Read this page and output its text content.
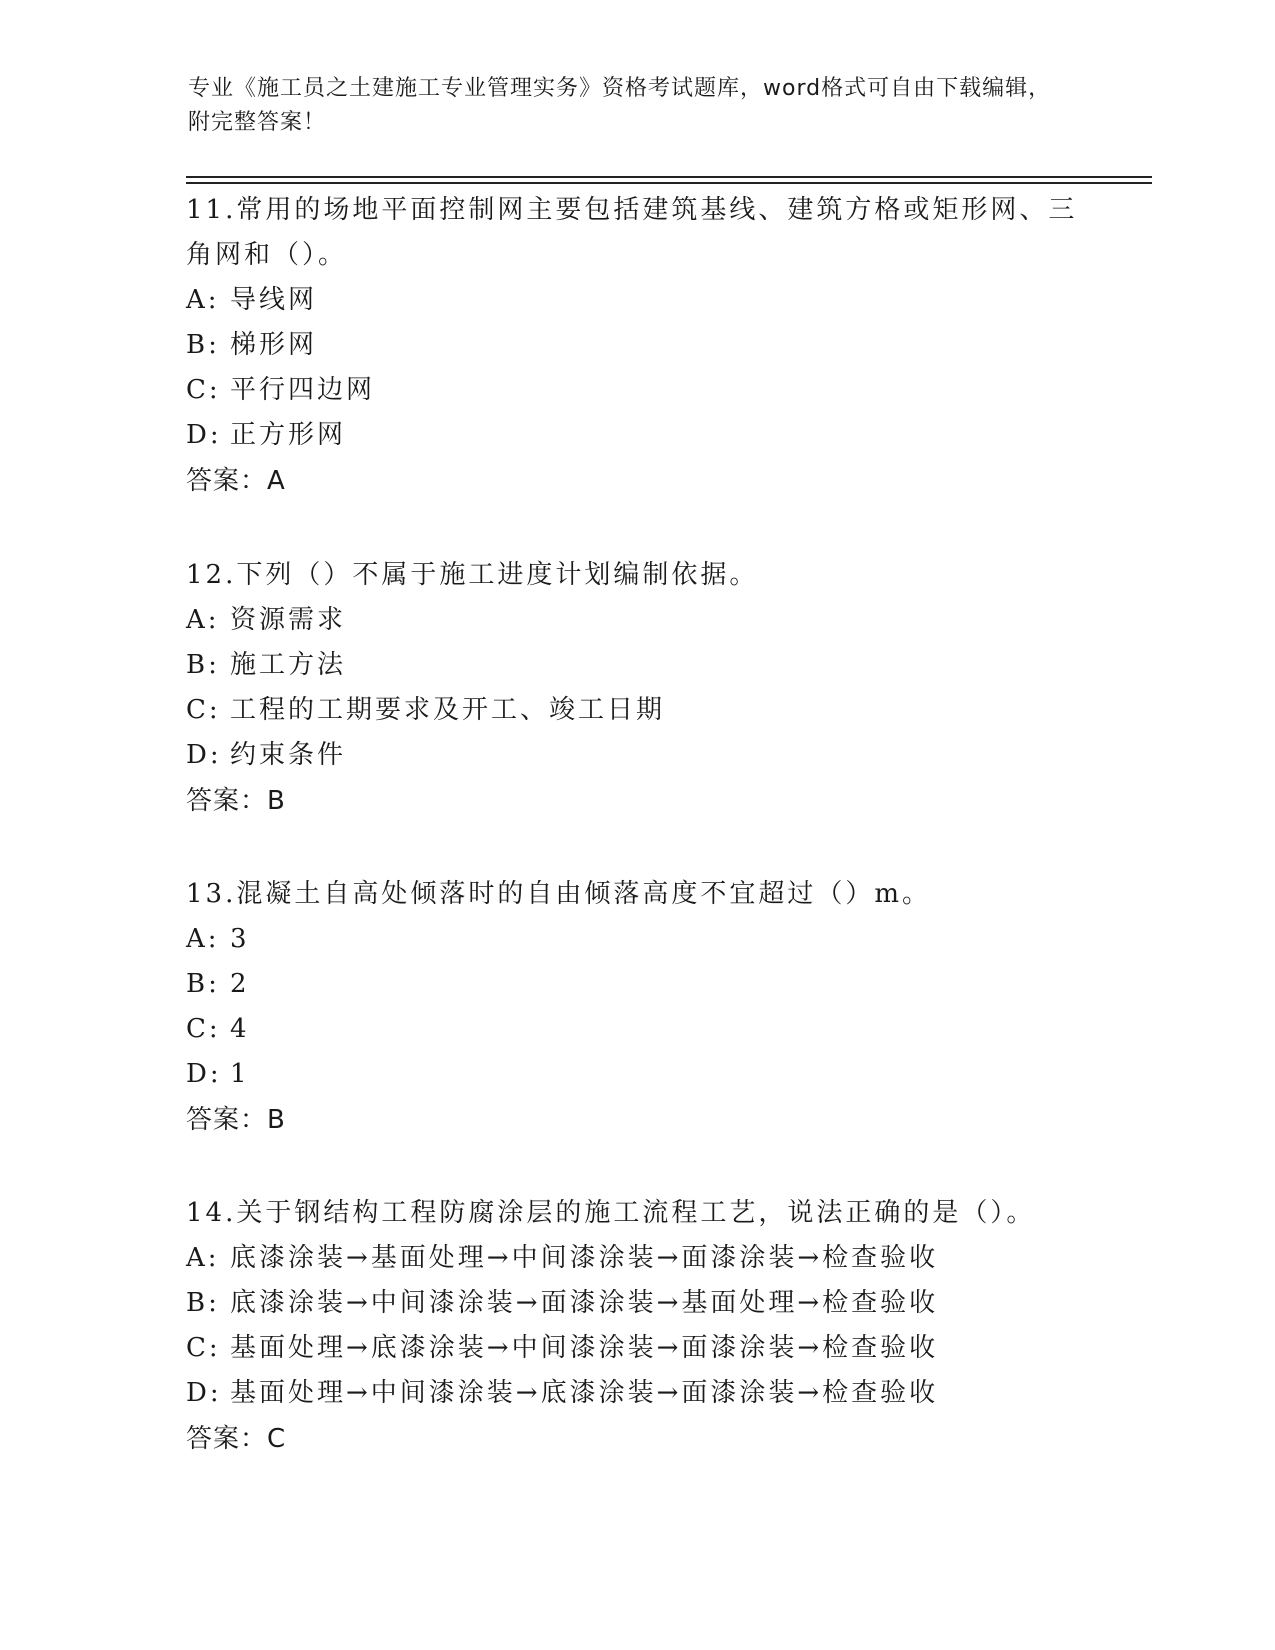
专业《施工员之土建施工专业管理实务》资格考试题库，word格式可自由下载编辑，附完整答案！
11.常用的场地平面控制网主要包括建筑基线、建筑方格或矩形网、三角网和（）。
A: 导线网
B: 梯形网
C: 平行四边网
D: 正方形网
答案：A
12.下列（）不属于施工进度计划编制依据。
A: 资源需求
B: 施工方法
C: 工程的工期要求及开工、竣工日期
D: 约束条件
答案：B
13.混凝土自高处倾落时的自由倾落高度不宜超过（）m。
A: 3
B: 2
C: 4
D: 1
答案：B
14.关于钢结构工程防腐涂层的施工流程工艺，说法正确的是（）。
A: 底漆涂装→基面处理→中间漆涂装→面漆涂装→检查验收
B: 底漆涂装→中间漆涂装→面漆涂装→基面处理→检查验收
C: 基面处理→底漆涂装→中间漆涂装→面漆涂装→检查验收
D: 基面处理→中间漆涂装→底漆涂装→面漆涂装→检查验收
答案：C
